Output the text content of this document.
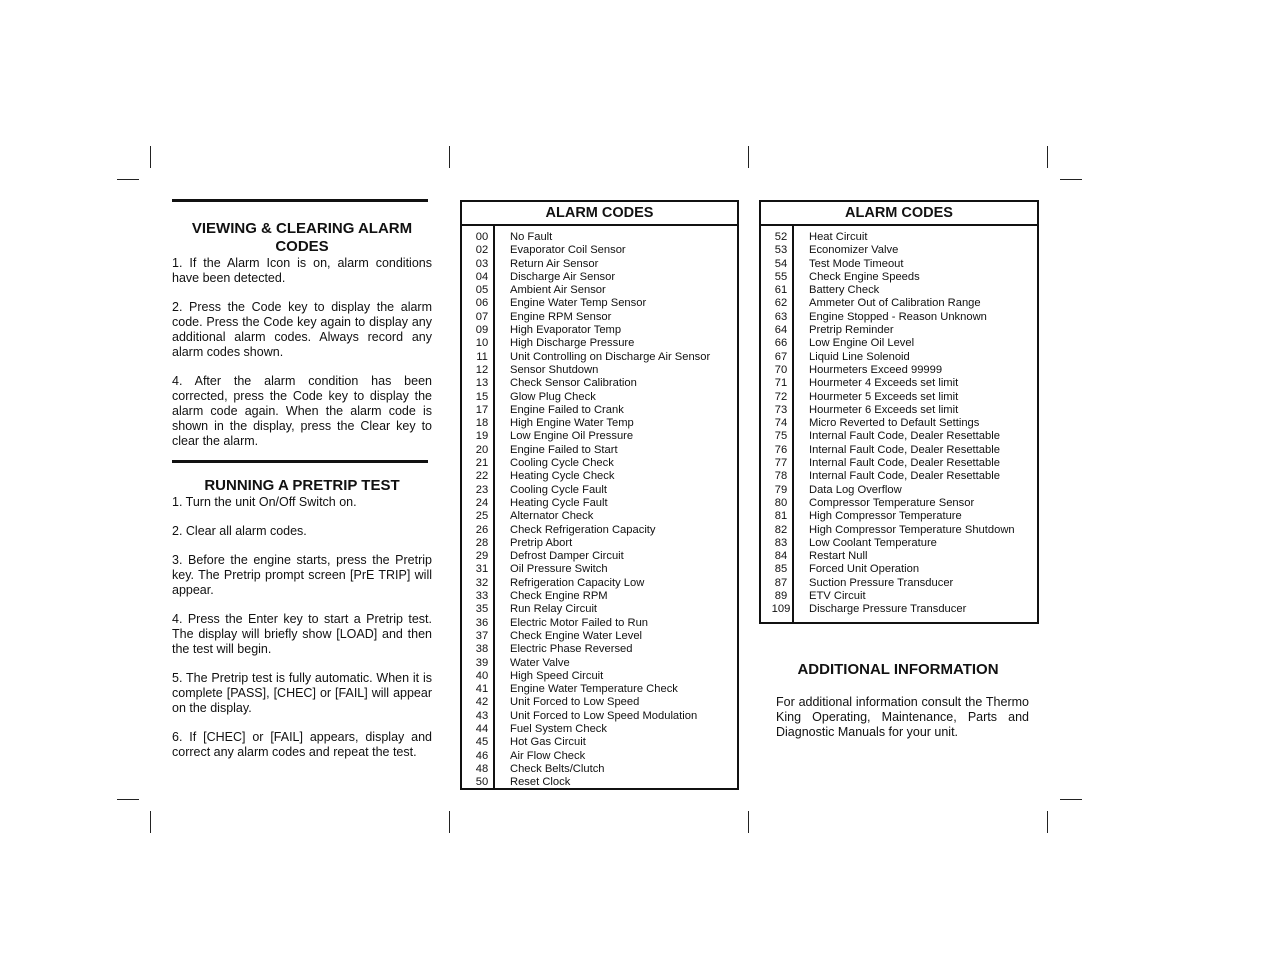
VIEWING & CLEARING ALARM CODES

1. If the Alarm Icon is on, alarm conditions have been detected.

2. Press the Code key to display the alarm code. Press the Code key again to display any additional alarm codes. Always record any alarm codes shown.

4. After the alarm condition has been corrected, press the Code key to display the alarm code again. When the alarm code is shown in the display, press the Clear key to clear the alarm.

RUNNING A PRETRIP TEST

1. Turn the unit On/Off Switch on.

2. Clear all alarm codes.

3. Before the engine starts, press the Pretrip key. The Pretrip prompt screen [PrE TRIP] will appear.

4. Press the Enter key to start a Pretrip test. The display will briefly show [LOAD] and then the test will begin.

5. The Pretrip test is fully automatic. When it is complete [PASS], [CHEC] or [FAIL] will appear on the display.

6. If [CHEC] or [FAIL] appears, display and correct any alarm codes and repeat the test.

ALARM CODES
00	No Fault
02	Evaporator Coil Sensor
03	Return Air Sensor
04	Discharge Air Sensor
05	Ambient Air Sensor
06	Engine Water Temp Sensor
07	Engine RPM Sensor
09	High Evaporator Temp
10	High Discharge Pressure
11	Unit Controlling on Discharge Air Sensor
12	Sensor Shutdown
13	Check Sensor Calibration
15	Glow Plug Check
17	Engine Failed to Crank
18	High Engine Water Temp
19	Low Engine Oil Pressure
20	Engine Failed to Start
21	Cooling Cycle Check
22	Heating Cycle Check
23	Cooling Cycle Fault
24	Heating Cycle Fault
25	Alternator Check
26	Check Refrigeration Capacity
28	Pretrip Abort
29	Defrost Damper Circuit
31	Oil Pressure Switch
32	Refrigeration Capacity Low
33	Check Engine RPM
35	Run Relay Circuit
36	Electric Motor Failed to Run
37	Check Engine Water Level
38	Electric Phase Reversed
39	Water Valve
40	High Speed Circuit
41	Engine Water Temperature Check
42	Unit Forced to Low Speed
43	Unit Forced to Low Speed Modulation
44	Fuel System Check
45	Hot Gas Circuit
46	Air Flow Check
48	Check Belts/Clutch
50	Reset Clock
ALARM CODES
52	Heat Circuit
53	Economizer Valve
54	Test Mode Timeout
55	Check Engine Speeds
61	Battery Check
62	Ammeter Out of Calibration Range
63	Engine Stopped - Reason Unknown
64	Pretrip Reminder
66	Low Engine Oil Level
67	Liquid Line Solenoid
70	Hourmeters Exceed 99999
71	Hourmeter 4 Exceeds set limit
72	Hourmeter 5 Exceeds set limit
73	Hourmeter 6 Exceeds set limit
74	Micro Reverted to Default Settings
75	Internal Fault Code, Dealer Resettable
76	Internal Fault Code, Dealer Resettable
77	Internal Fault Code, Dealer Resettable
78	Internal Fault Code, Dealer Resettable
79	Data Log Overflow
80	Compressor Temperature Sensor
81	High Compressor Temperature
82	High Compressor Temperature Shutdown
83	Low Coolant Temperature
84	Restart Null
85	Forced Unit Operation
87	Suction Pressure Transducer
89	ETV Circuit
109 Discharge Pressure Transducer
ADDITIONAL INFORMATION
For additional information consult the Thermo King Operating, Maintenance, Parts and Diagnostic Manuals for your unit.
